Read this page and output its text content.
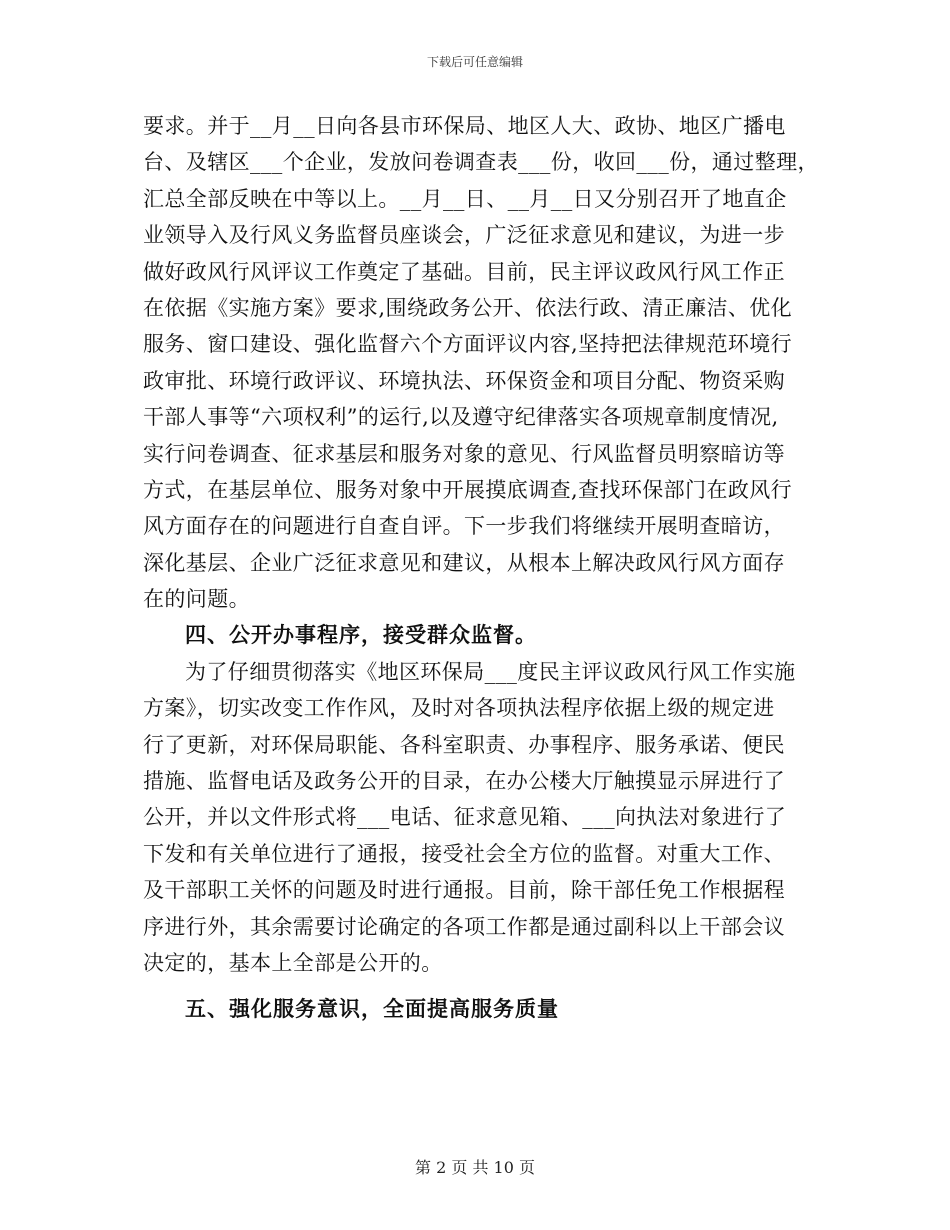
下载后可任意编辑
要求。并于__月__日向各县市环保局、地区人大、政协、地区广播电
台、及辖区___个企业，发放问卷调查表___份，收回___份，通过整理，
汇总全部反映在中等以上。__月__日、__月__日又分别召开了地直企
业领导入及行风义务监督员座谈会，广泛征求意见和建议，为进一步
做好政风行风评议工作奠定了基础。目前，民主评议政风行风工作正
在依据《实施方案》要求,围绕政务公开、依法行政、清正廉洁、优化
服务、窗口建设、强化监督六个方面评议内容,坚持把法律规范环境行
政审批、环境行政评议、环境执法、环保资金和项目分配、物资采购
干部人事等“六项权利”的运行,以及遵守纪律落实各项规章制度情况,
实行问卷调查、征求基层和服务对象的意见、行风监督员明察暗访等
方式，在基层单位、服务对象中开展摸底调查,查找环保部门在政风行
风方面存在的问题进行自查自评。下一步我们将继续开展明查暗访，
深化基层、企业广泛征求意见和建议，从根本上解决政风行风方面存
在的问题。
四、公开办事程序，接受群众监督。
为了仔细贯彻落实《地区环保局___度民主评议政风行风工作实施
方案》，切实改变工作作风，及时对各项执法程序依据上级的规定进
行了更新，对环保局职能、各科室职责、办事程序、服务承诺、便民
措施、监督电话及政务公开的目录，在办公楼大厅触摸显示屏进行了
公开，并以文件形式将___电话、征求意见箱、___向执法对象进行了
下发和有关单位进行了通报，接受社会全方位的监督。对重大工作、
及干部职工关怀的问题及时进行通报。目前，除干部任免工作根据程
序进行外，其余需要讨论确定的各项工作都是通过副科以上干部会议
决定的，基本上全部是公开的。
五、强化服务意识，全面提高服务质量
第 2 页 共 10 页
